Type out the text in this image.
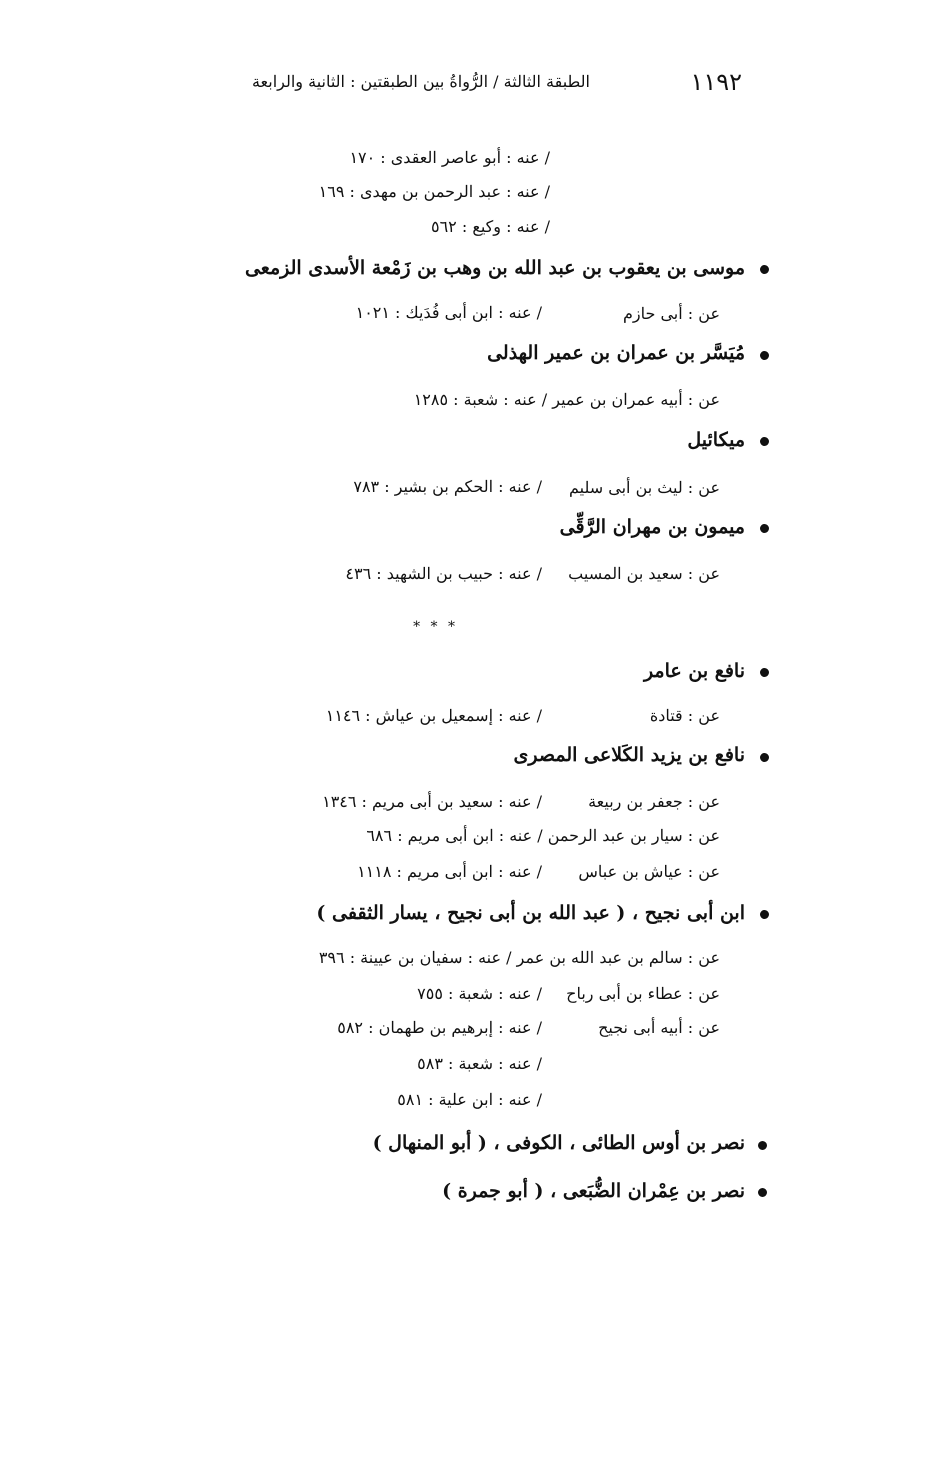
١١٩٢
الطبقة الثالثة / الرُّواةُ بين الطبقتين : الثانية والرابعة
/ عنه : أبو عاصر العقدى : ١٧٠
/ عنه : عبد الرحمن بن مهدى : ١٦٩
/ عنه : وكيع : ٥٦٢
موسى بن يعقوب بن عبد الله بن وهب بن زَمْعة الأسدى الزمعى
عن : أبى حازم
/ عنه : ابن أبى فُدَيك : ١٠٢١
مُيَسَّر بن عمران بن عمير الهذلى
عن : أبيه عمران بن عمير / عنه : شعبة : ١٢٨٥
ميكائيل
عن : ليث بن أبى سليم
/ عنه : الحكم بن بشير : ٧٨٣
ميمون بن مهران الرَّقِّى
عن : سعيد بن المسيب
/ عنه : حبيب بن الشهيد : ٤٣٦
* * *
نافع بن عامر
عن : قتادة
/ عنه : إسمعيل بن عياش : ١١٤٦
نافع بن يزيد الكَلاعى المصرى
عن : جعفر بن ربيعة
/ عنه : سعيد بن أبى مريم : ١٣٤٦
عن : سيار بن عبد الرحمن / عنه : ابن أبى مريم : ٦٨٦
عن : عياش بن عباس
/ عنه : ابن أبى مريم : ١١١٨
ابن أبى نجيح ، ( عبد الله بن أبى نجيح ، يسار الثقفى )
عن : سالم بن عبد الله بن عمر / عنه : سفيان بن عيينة : ٣٩٦
عن : عطاء بن أبى رباح
/ عنه : شعبة : ٧٥٥
عن : أبيه أبى نجيح
/ عنه : إبرهيم بن طهمان : ٥٨٢
/ عنه : شعبة : ٥٨٣
/ عنه : ابن علية : ٥٨١
نصر بن أوس الطائى ، الكوفى ، ( أبو المنهال )
نصر بن عِمْران الضُّبَعى ، ( أبو جمرة )
